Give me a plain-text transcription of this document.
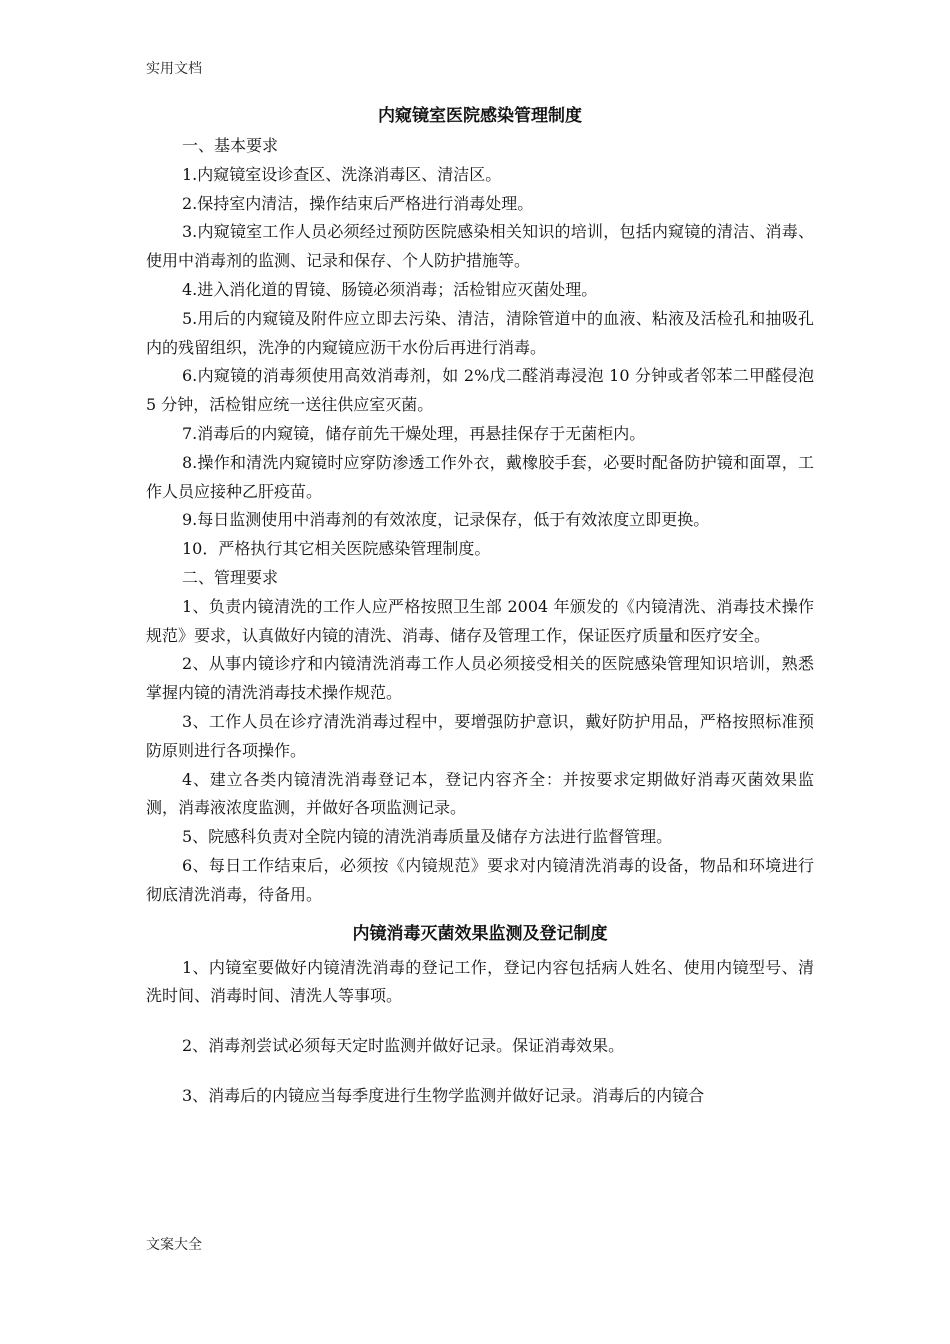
实用文档
内窥镜室医院感染管理制度

一、基本要求

1.内窥镜室设诊查区、洗涤消毒区、清洁区。

2.保持室内清洁，操作结束后严格进行消毒处理。

3.内窥镜室工作人员必须经过预防医院感染相关知识的培训，包括内窥镜的清洁、消毒、使用中消毒剂的监测、记录和保存、个人防护措施等。

4.进入消化道的胃镜、肠镜必须消毒；活检钳应灭菌处理。

5.用后的内窥镜及附件应立即去污染、清洁，清除管道中的血液、粘液及活检孔和抽吸孔内的残留组织，洗净的内窥镜应沥干水份后再进行消毒。

6.内窥镜的消毒须使用高效消毒剂，如 2%戊二醛消毒浸泡 10 分钟或者邻苯二甲醛侵泡 5 分钟，活检钳应统一送往供应室灭菌。

7.消毒后的内窥镜，储存前先干燥处理，再悬挂保存于无菌柜内。

8.操作和清洗内窥镜时应穿防渗透工作外衣，戴橡胶手套，必要时配备防护镜和面罩，工作人员应接种乙肝疫苗。

9.每日监测使用中消毒剂的有效浓度，记录保存，低于有效浓度立即更换。

10．严格执行其它相关医院感染管理制度。

二、管理要求

1、负责内镜清洗的工作人应严格按照卫生部 2004 年颁发的《内镜清洗、消毒技术操作规范》要求，认真做好内镜的清洗、消毒、储存及管理工作，保证医疗质量和医疗安全。

2、从事内镜诊疗和内镜清洗消毒工作人员必须接受相关的医院感染管理知识培训，熟悉掌握内镜的清洗消毒技术操作规范。

3、工作人员在诊疗清洗消毒过程中，要增强防护意识，戴好防护用品，严格按照标准预防原则进行各项操作。

4、建立各类内镜清洗消毒登记本，登记内容齐全：并按要求定期做好消毒灭菌效果监测，消毒液浓度监测，并做好各项监测记录。

5、院感科负责对全院内镜的清洗消毒质量及储存方法进行监督管理。

6、每日工作结束后，必须按《内镜规范》要求对内镜清洗消毒的设备，物品和环境进行彻底清洗消毒，待备用。

内镜消毒灭菌效果监测及登记制度

1、内镜室要做好内镜清洗消毒的登记工作，登记内容包括病人姓名、使用内镜型号、清洗时间、消毒时间、清洗人等事项。

2、消毒剂尝试必须每天定时监测并做好记录。保证消毒效果。

3、消毒后的内镜应当每季度进行生物学监测并做好记录。消毒后的内镜合

文案大全
